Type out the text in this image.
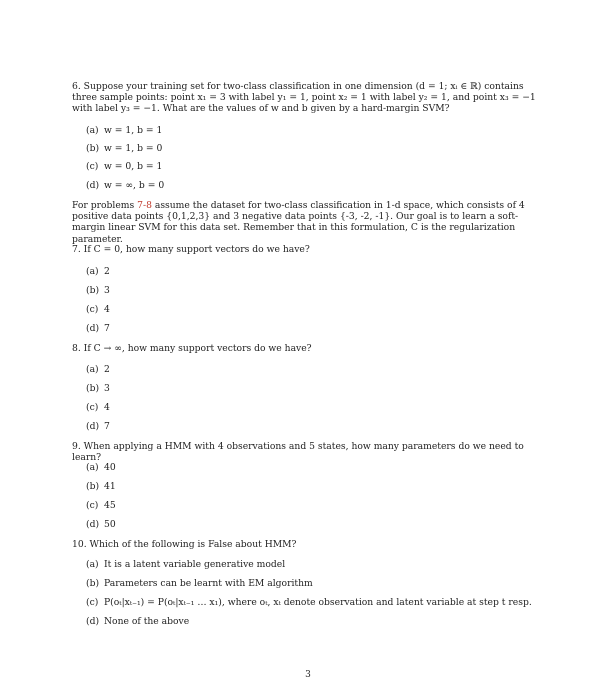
6. Suppose your training set for two-class classification in one dimension (d = 1; xᵢ ∈ ℝ) contains three sample points: point x₁ = 3 with label y₁ = 1, point x₂ = 1 with label y₂ = 1, and point x₃ = −1 with label y₃ = −1. What are the values of w and b given by a hard-margin SVM?
(a) w = 1, b = 1
(b) w = 1, b = 0
(c) w = 0, b = 1
(d) w = ∞, b = 0
For problems 7-8 assume the dataset for two-class classification in 1-d space, which consists of 4 positive data points {0,1,2,3} and 3 negative data points {-3, -2, -1}. Our goal is to learn a soft-margin linear SVM for this data set. Remember that in this formulation, C is the regularization parameter.
7. If C = 0, how many support vectors do we have?
(a) 2
(b) 3
(c) 4
(d) 7
8. If C → ∞, how many support vectors do we have?
(a) 2
(b) 3
(c) 4
(d) 7
9. When applying a HMM with 4 observations and 5 states, how many parameters do we need to learn?
(a) 40
(b) 41
(c) 45
(d) 50
10. Which of the following is False about HMM?
(a) It is a latent variable generative model
(b) Parameters can be learnt with EM algorithm
(c) P(oₜ|xₜ₋₁) = P(oₜ|xₜ₋₁ … x₁), where oₜ, xₜ denote observation and latent variable at step t resp.
(d) None of the above
3
